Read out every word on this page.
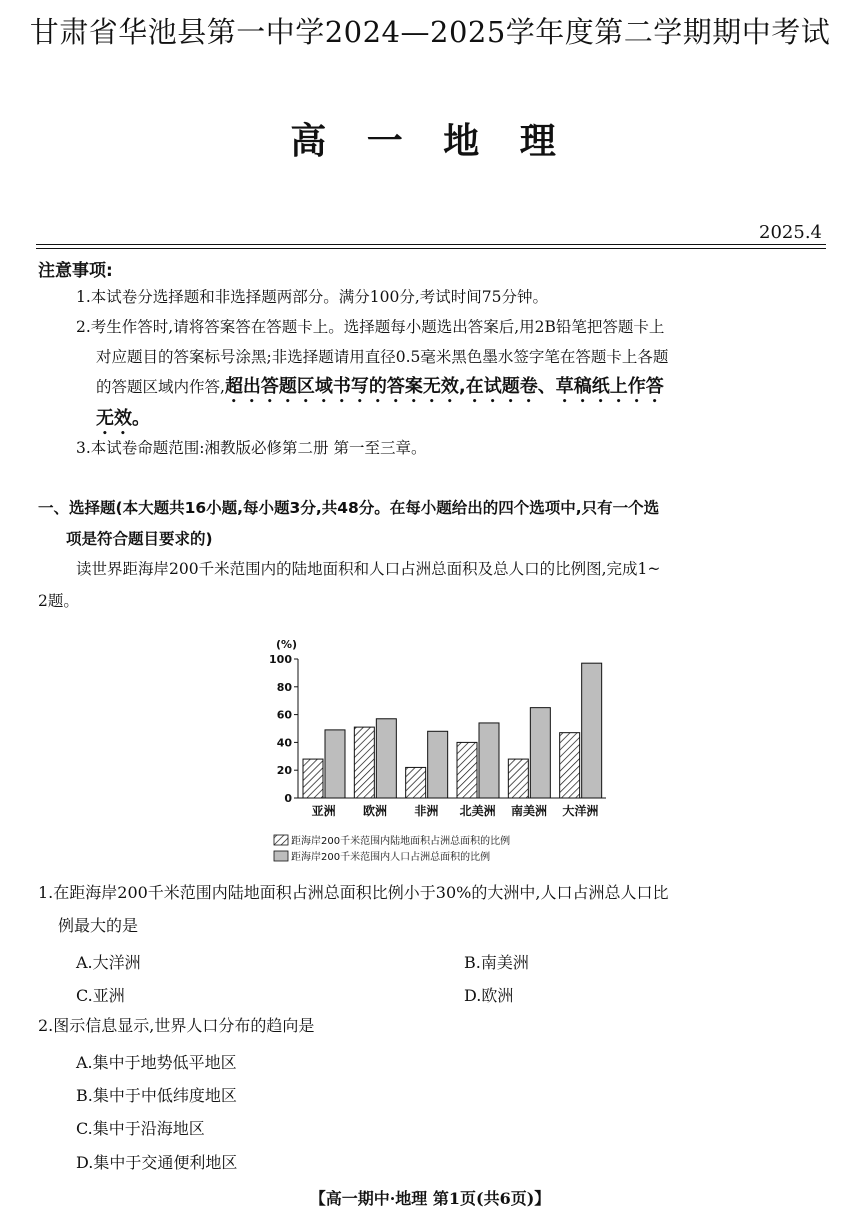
甘肃省华池县第一中学2024—2025学年度第二学期期中考试
高 一 地 理
2025.4
注意事项:
1.本试卷分选择题和非选择题两部分。满分100分,考试时间75分钟。
2.考生作答时,请将答案答在答题卡上。选择题每小题选出答案后,用2B铅笔把答题卡上
对应题目的答案标号涂黑;非选择题请用直径0.5毫米黑色墨水签字笔在答题卡上各题
的答题区域内作答,超出答题区域书写的答案无效,在试题卷、草稿纸上作答
无效。
3.本试卷命题范围:湘教版必修第二册 第一至三章。
一、选择题(本大题共16小题,每小题3分,共48分。在每小题给出的四个选项中,只有一个选
项是符合题目要求的)
读世界距海岸200千米范围内的陆地面积和人口占洲总面积及总人口的比例图,完成1~
2题。
(%)
0
20
40
60
80
100
亚洲 欧洲 非洲 北美洲 南美洲 大洋洲
距海岸200千米范围内陆地面积占洲总面积的比例
距海岸200千米范围内人口占洲总面积的比例
1.在距海岸200千米范围内陆地面积占洲总面积比例小于30%的大洲中,人口占洲总人口比
例最大的是
A.大洋洲	B.南美洲
C.亚洲	D.欧洲
2.图示信息显示,世界人口分布的趋向是
A.集中于地势低平地区
B.集中于中低纬度地区
C.集中于沿海地区
D.集中于交通便利地区
【高一期中·地理 第1页(共6页)】
